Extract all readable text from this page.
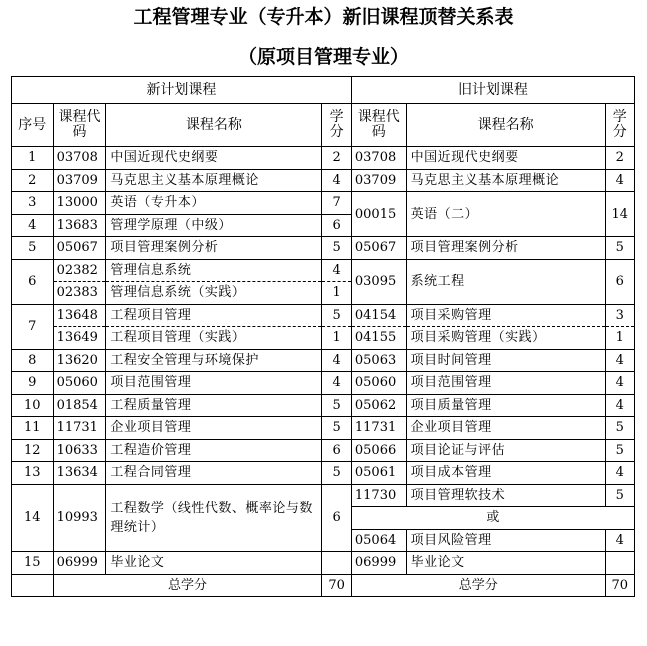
工程管理专业（专升本）新旧课程顶替关系表
（原项目管理专业）
新计划课程				旧计划课程		
序号	课程代码	课程名称	学分	课程代码	课程名称	学分
1	03708	中国近现代史纲要	2	03708	中国近现代史纲要	2
2	03709	马克思主义基本原理概论	4	03709	马克思主义基本原理概论	4
3	13000	英语（专升本）	7	00015	英语（二）	14
4	13683	管理学原理（中级）	6			
5	05067	项目管理案例分析	5	05067	项目管理案例分析	5
6	02382	管理信息系统	4	03095	系统工程	6
	02383	管理信息系统（实践）	1			
7	13648	工程项目管理	5	04154	项目采购管理	3
	13649	工程项目管理（实践）	1	04155	项目采购管理（实践）	1
8	13620	工程安全管理与环境保护	4	05063	项目时间管理	4
9	05060	项目范围管理	4	05060	项目范围管理	4
10	01854	工程质量管理	5	05062	项目质量管理	4
11	11731	企业项目管理	5	11731	企业项目管理	5
12	10633	工程造价管理	6	05066	项目论证与评估	5
13	13634	工程合同管理	5	05061	项目成本管理	4
14	10993	工程数学（线性代数、概率论与数理统计）	6	11730	项目管理软技术	5
				或		
				05064	项目风险管理	4
15	06999	毕业论文		06999	毕业论文	
	总学分		70	总学分		70
